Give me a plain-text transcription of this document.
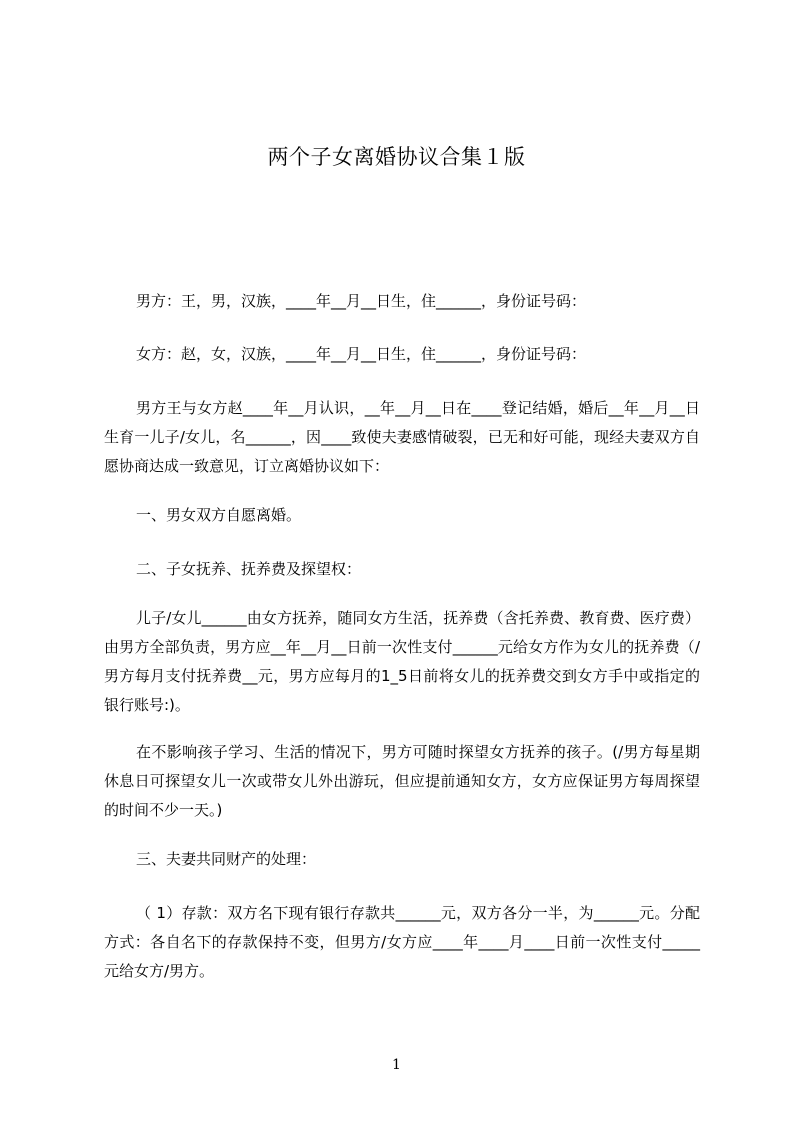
两个子女离婚协议合集１版
男方：王，男，汉族，____年__月__日生，住______，身份证号码：
女方：赵，女，汉族，____年__月__日生，住______，身份证号码：
男方王与女方赵____年__月认识，__年__月__日在____登记结婚，婚后__年__月__日生育一儿子/女儿，名______，因____致使夫妻感情破裂，已无和好可能，现经夫妻双方自愿协商达成一致意见，订立离婚协议如下：
一、男女双方自愿离婚。
二、子女抚养、抚养费及探望权：
儿子/女儿______由女方抚养，随同女方生活，抚养费（含托养费、教育费、医疗费）由男方全部负责，男方应__年__月__日前一次性支付______元给女方作为女儿的抚养费（/男方每月支付抚养费__元，男方应每月的1_5日前将女儿的抚养费交到女方手中或指定的银行账号:)。
在不影响孩子学习、生活的情况下，男方可随时探望女方抚养的孩子。(/男方每星期休息日可探望女儿一次或带女儿外出游玩，但应提前通知女方，女方应保证男方每周探望的时间不少一天。)
三、夫妻共同财产的处理：
（ 1）存款：双方名下现有银行存款共______元，双方各分一半，为______元。分配方式：各自名下的存款保持不变，但男方/女方应____年____月____日前一次性支付_____元给女方/男方。
1
